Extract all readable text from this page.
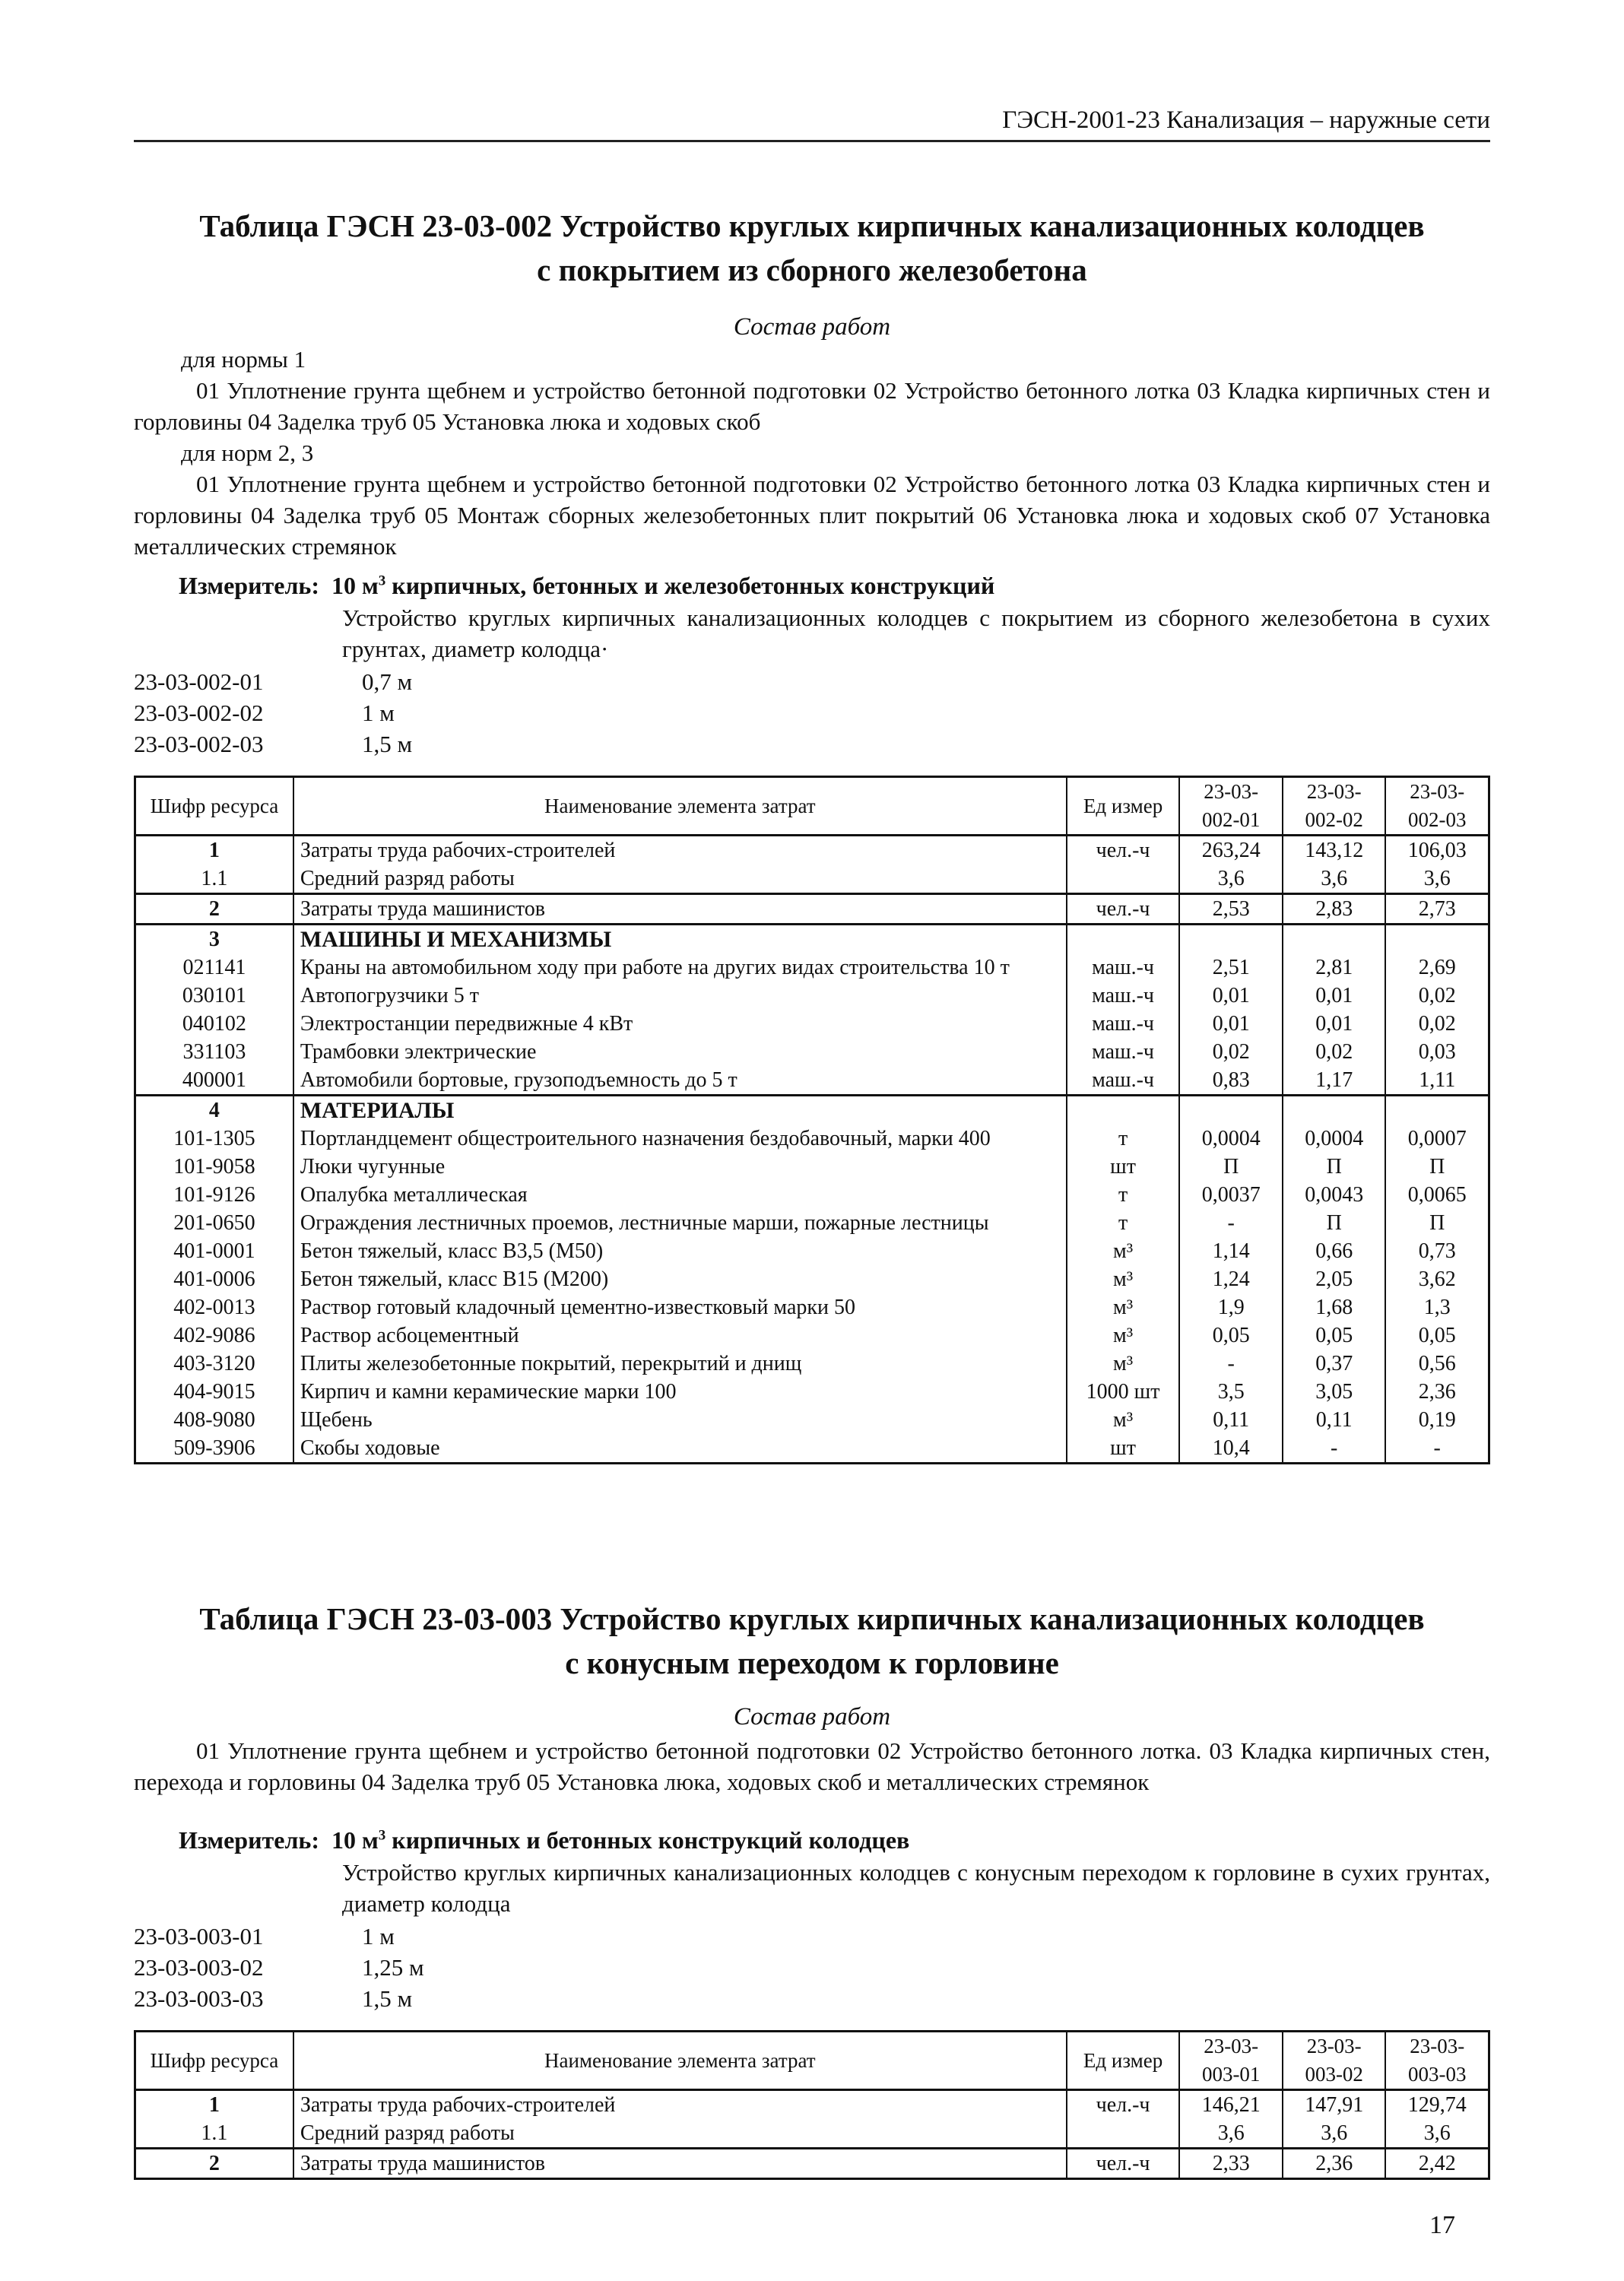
ГЭСН-2001-23 Канализация – наружные сети
Таблица ГЭСН 23-03-002 Устройство круглых кирпичных канализационных колодцев
с покрытием из сборного железобетона
Состав работ
для нормы 1
01 Уплотнение грунта щебнем и устройство бетонной подготовки 02 Устройство бетонного лотка 03 Кладка кирпичных стен и горловины 04 Заделка труб 05 Установка люка и ходовых скоб
для норм 2, 3
01 Уплотнение грунта щебнем и устройство бетонной подготовки 02 Устройство бетонного лотка 03 Кладка кирпичных стен и горловины 04 Заделка труб 05 Монтаж сборных железобетонных плит покрытий 06 Установка люка и ходовых скоб 07 Установка металлических стремянок
Измеритель: 10 $м^3$ кирпичных, бетонных и железобетонных конструкций
Устройство круглых кирпичных канализационных колодцев с покрытием из сборного железобетона в сухих грунтах, диаметр колодца·
23-03-002-01	0,7 м
23-03-002-02	1 м
23-03-002-03	1,5 м
Шифр ресурса	Наименование элемента затрат	Ед измер	23-03-002-01	23-03-002-02	23-03-002-03
1	Затраты труда рабочих-строителей	чел.-ч	263,24	143,12	106,03
1.1	Средний разряд работы		3,6	3,6	3,6
2	Затраты труда машинистов	чел.-ч	2,53	2,83	2,73
3	МАШИНЫ И МЕХАНИЗМЫ				
021141	Краны на автомобильном ходу при работе на других видах строительства 10 т	маш.-ч	2,51	2,81	2,69
030101	Автопогрузчики 5 т	маш.-ч	0,01	0,01	0,02
040102	Электростанции передвижные 4 кВт	маш.-ч	0,01	0,01	0,02
331103	Трамбовки электрические	маш.-ч	0,02	0,02	0,03
400001	Автомобили бортовые, грузоподъемность до 5 т	маш.-ч	0,83	1,17	1,11
4	МАТЕРИАЛЫ				
101-1305	Портландцемент общестроительного назначения бездобавочный, марки 400	т	0,0004	0,0004	0,0007
101-9058	Люки чугунные	шт	П	П	П
101-9126	Опалубка металлическая	т	0,0037	0,0043	0,0065
201-0650	Ограждения лестничных проемов, лестничные марши, пожарные лестницы	т	-	П	П
401-0001	Бетон тяжелый, класс В3,5 (М50)	м³	1,14	0,66	0,73
401-0006	Бетон тяжелый, класс В15 (М200)	м³	1,24	2,05	3,62
402-0013	Раствор готовый кладочный цементно-известковый марки 50	м³	1,9	1,68	1,3
402-9086	Раствор асбоцементный	м³	0,05	0,05	0,05
403-3120	Плиты железобетонные покрытий, перекрытий и днищ	м³	-	0,37	0,56
404-9015	Кирпич и камни керамические марки 100	1000 шт	3,5	3,05	2,36
408-9080	Щебень	м³	0,11	0,11	0,19
509-3906	Скобы ходовые	шт	10,4	-	-
Таблица ГЭСН 23-03-003 Устройство круглых кирпичных канализационных колодцев
с конусным переходом к горловине
Состав работ
01 Уплотнение грунта щебнем и устройство бетонной подготовки 02 Устройство бетонного лотка. 03 Кладка кирпичных стен, перехода и горловины 04 Заделка труб 05 Установка люка, ходовых скоб и металлических стремянок
Измеритель: 10 $м^3$ кирпичных и бетонных конструкций колодцев
Устройство круглых кирпичных канализационных колодцев с конусным переходом к горловине в сухих грунтах, диаметр колодца
23-03-003-01	1 м
23-03-003-02	1,25 м
23-03-003-03	1,5 м
Шифр ресурса	Наименование элемента затрат	Ед измер	23-03-003-01	23-03-003-02	23-03-003-03
1	Затраты труда рабочих-строителей	чел.-ч	146,21	147,91	129,74
1.1	Средний разряд работы		3,6	3,6	3,6
2	Затраты труда машинистов	чел.-ч	2,33	2,36	2,42
17
